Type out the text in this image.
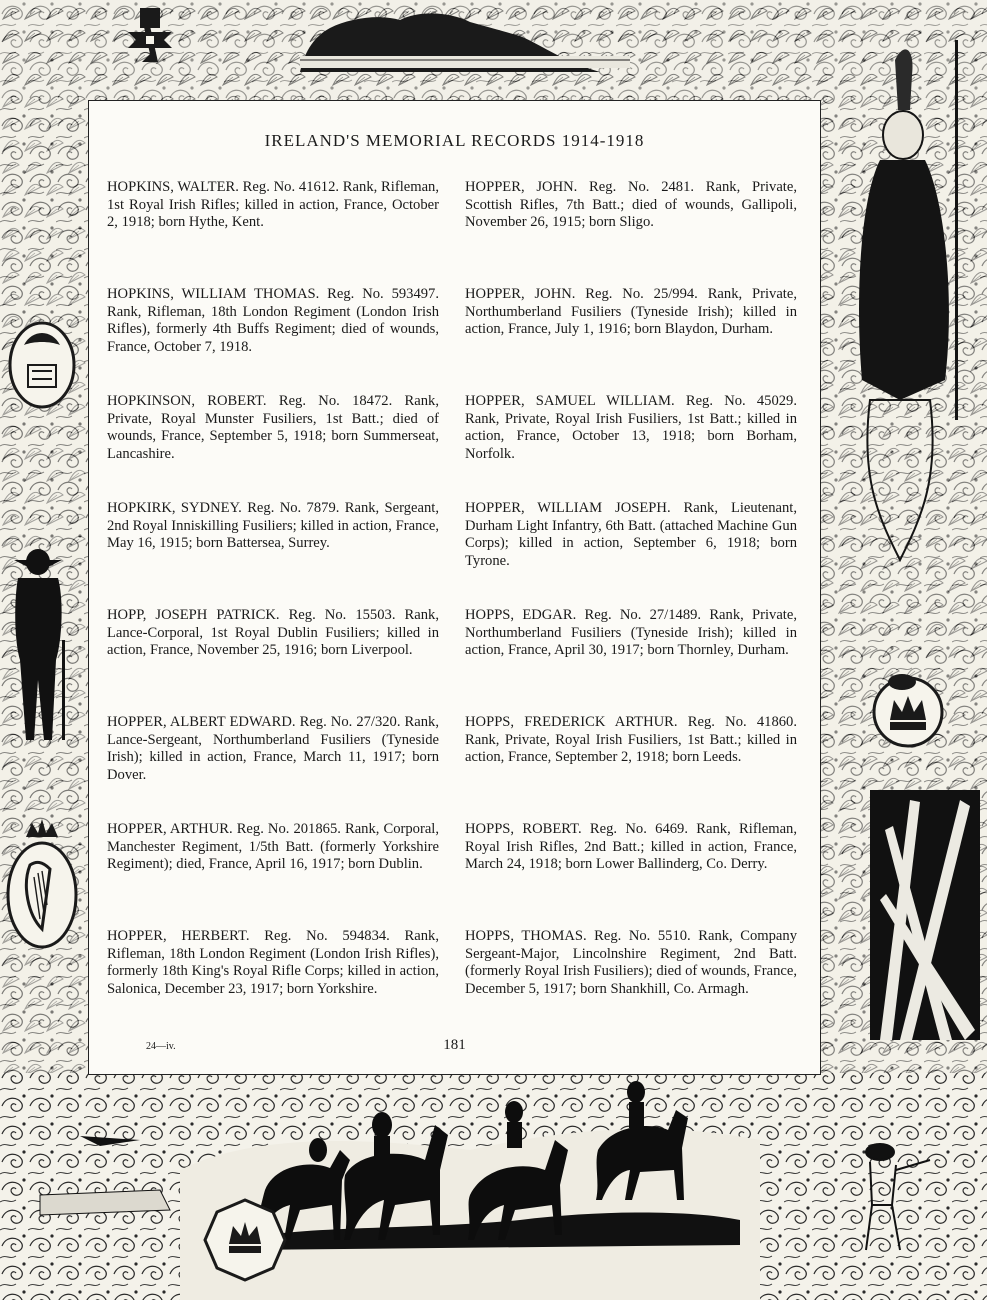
IRELAND'S MEMORIAL RECORDS 1914-1918

HOPKINS, WALTER. Reg. No. 41612. Rank, Rifleman, 1st Royal Irish Rifles; killed in action, France, October 2, 1918; born Hythe, Kent.

HOPKINS, WILLIAM THOMAS. Reg. No. 593497. Rank, Rifleman, 18th London Regiment (London Irish Rifles), formerly 4th Buffs Regiment; died of wounds, France, October 7, 1918.

HOPKINSON, ROBERT. Reg. No. 18472. Rank, Private, Royal Munster Fusiliers, 1st Batt.; died of wounds, France, September 5, 1918; born Summerseat, Lancashire.

HOPKIRK, SYDNEY. Reg. No. 7879. Rank, Sergeant, 2nd Royal Inniskilling Fusiliers; killed in action, France, May 16, 1915; born Battersea, Surrey.

HOPP, JOSEPH PATRICK. Reg. No. 15503. Rank, Lance-Corporal, 1st Royal Dublin Fusiliers; killed in action, France, November 25, 1916; born Liverpool.

HOPPER, ALBERT EDWARD. Reg. No. 27/320. Rank, Lance-Sergeant, Northumberland Fusiliers (Tyneside Irish); killed in action, France, March 11, 1917; born Dover.

HOPPER, ARTHUR. Reg. No. 201865. Rank, Corporal, Manchester Regiment, 1/5th Batt. (formerly Yorkshire Regiment); died, France, April 16, 1917; born Dublin.

HOPPER, HERBERT. Reg. No. 594834. Rank, Rifleman, 18th London Regiment (London Irish Rifles), formerly 18th King's Royal Rifle Corps; killed in action, Salonica, December 23, 1917; born Yorkshire.

HOPPER, JOHN. Reg. No. 2481. Rank, Private, Scottish Rifles, 7th Batt.; died of wounds, Gallipoli, November 26, 1915; born Sligo.

HOPPER, JOHN. Reg. No. 25/994. Rank, Private, Northumberland Fusiliers (Tyneside Irish); killed in action, France, July 1, 1916; born Blaydon, Durham.

HOPPER, SAMUEL WILLIAM. Reg. No. 45029. Rank, Private, Royal Irish Fusiliers, 1st Batt.; killed in action, France, October 13, 1918; born Borham, Norfolk.

HOPPER, WILLIAM JOSEPH. Rank, Lieutenant, Durham Light Infantry, 6th Batt. (attached Machine Gun Corps); killed in action, September 6, 1918; born Tyrone.

HOPPS, EDGAR. Reg. No. 27/1489. Rank, Private, Northumberland Fusiliers (Tyneside Irish); killed in action, France, April 30, 1917; born Thornley, Durham.

HOPPS, FREDERICK ARTHUR. Reg. No. 41860. Rank, Private, Royal Irish Fusiliers, 1st Batt.; killed in action, France, September 2, 1918; born Leeds.

HOPPS, ROBERT. Reg. No. 6469. Rank, Rifleman, Royal Irish Rifles, 2nd Batt.; killed in action, France, March 24, 1918; born Lower Ballinderg, Co. Derry.

HOPPS, THOMAS. Reg. No. 5510. Rank, Company Sergeant-Major, Lincolnshire Regiment, 2nd Batt. (formerly Royal Irish Fusiliers); died of wounds, France, December 5, 1917; born Shankhill, Co. Armagh.

24—iv.	181
